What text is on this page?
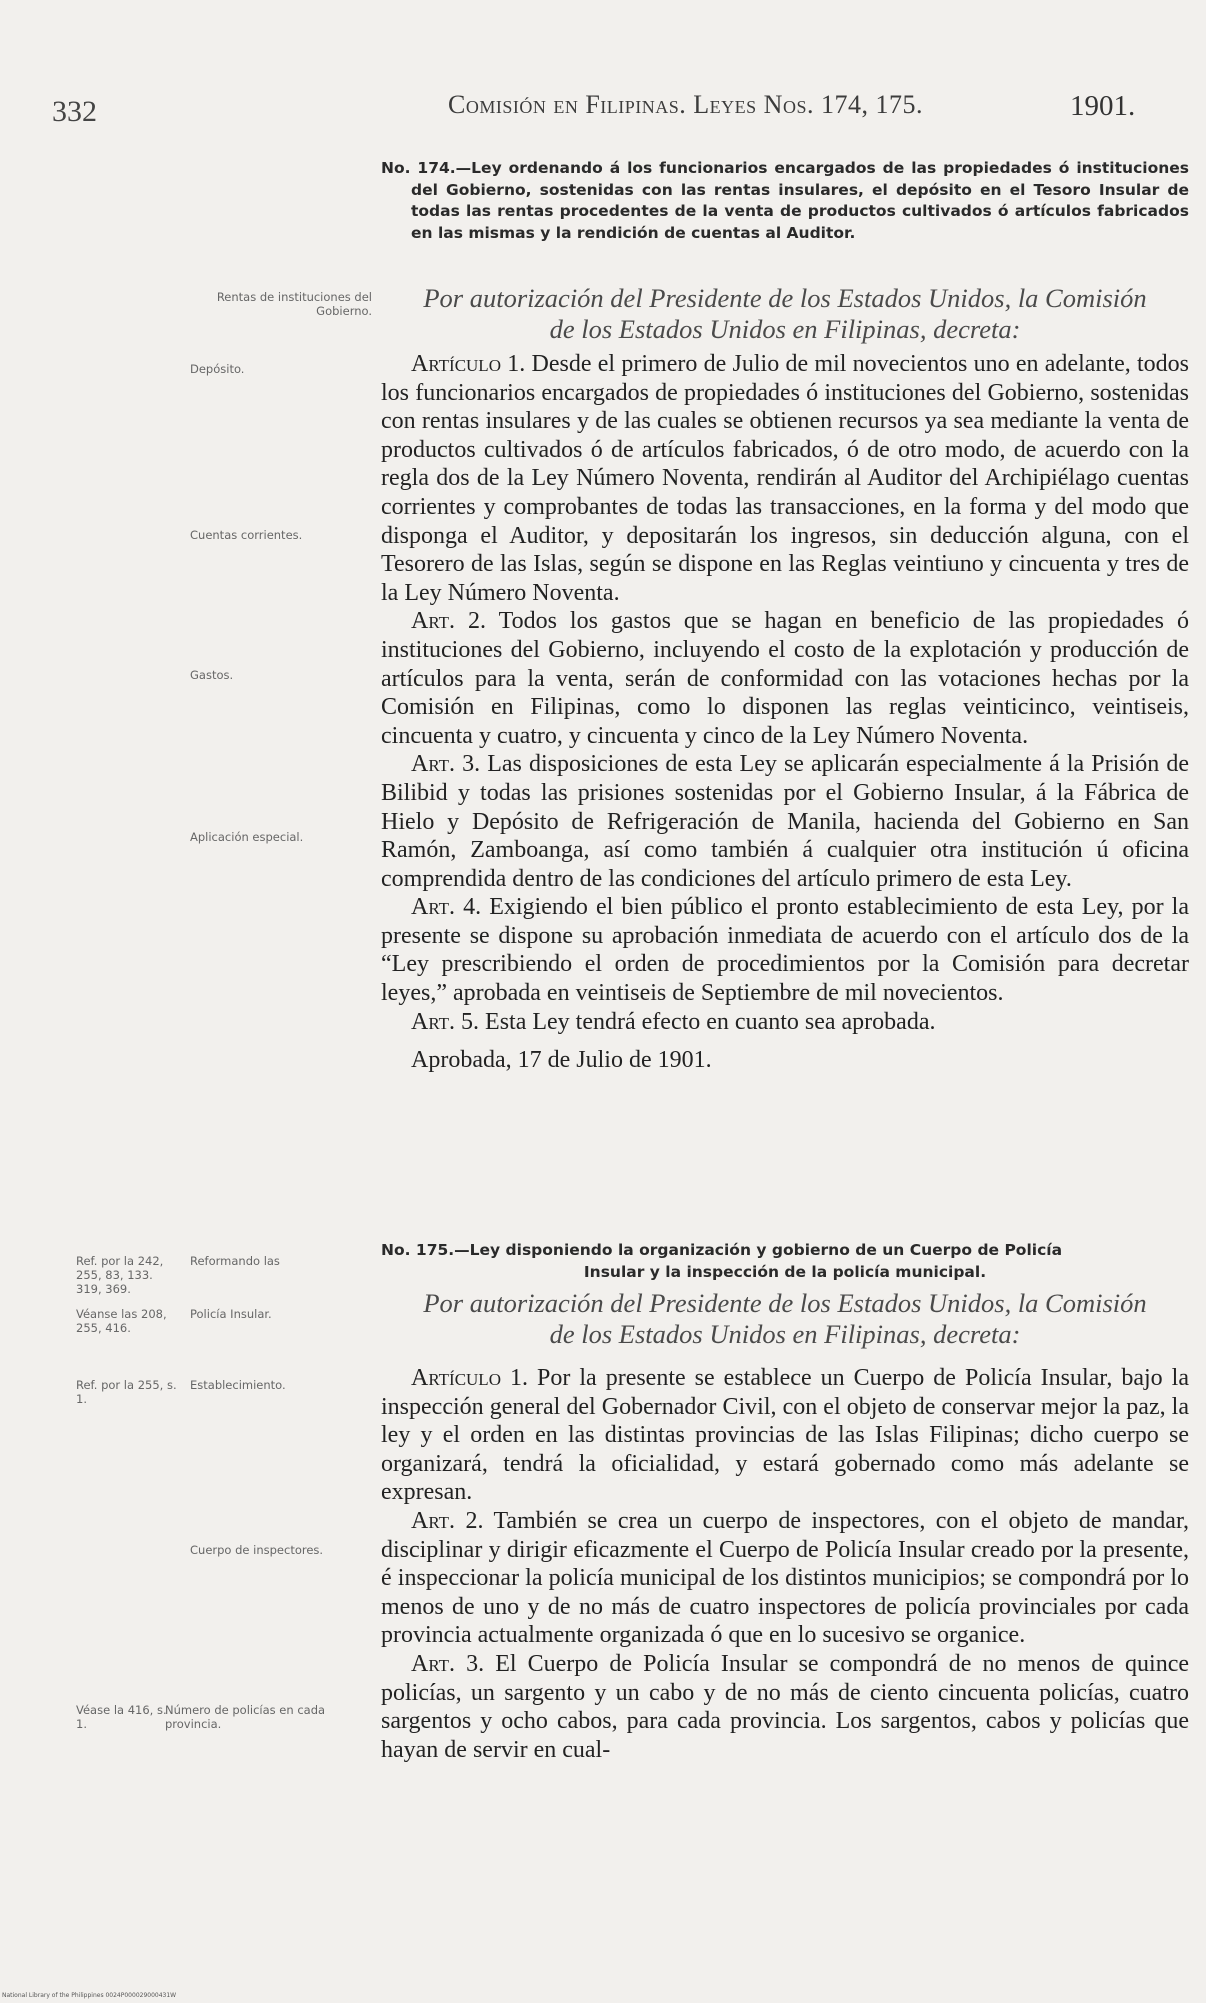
332	Comisión en Filipinas. Leyes Nos. 174, 175.	1901.
No. 174.—Ley ordenando á los funcionarios encargados de las propiedades ó instituciones del Gobierno, sostenidas con las rentas insulares, el depósito en el Tesoro Insular de todas las rentas procedentes de la venta de productos cultivados ó artículos fabricados en las mismas y la rendición de cuentas al Auditor.

Por autorización del Presidente de los Estados Unidos, la Comisión

de los Estados Unidos en Filipinas, decreta:

Artículo 1. Desde el primero de Julio de mil novecientos uno en adelante, todos los funcionarios encargados de propiedades ó instituciones del Gobierno, sostenidas con rentas insulares y de las cuales se obtienen recursos ya sea mediante la venta de productos cultivados ó de artículos fabricados, ó de otro modo, de acuerdo con la regla dos de la Ley Número Noventa, rendirán al Auditor del Archipiélago cuentas corrientes y comprobantes de todas las transacciones, en la forma y del modo que disponga el Auditor, y depositarán los ingresos, sin deducción alguna, con el Tesorero de las Islas, según se dispone en las Reglas veintiuno y cincuenta y tres de la Ley Número Noventa.

Art. 2. Todos los gastos que se hagan en beneficio de las propiedades ó instituciones del Gobierno, incluyendo el costo de la explotación y producción de artículos para la venta, serán de conformidad con las votaciones hechas por la Comisión en Filipinas, como lo disponen las reglas veinticinco, veintiseis, cincuenta y cuatro, y cincuenta y cinco de la Ley Número Noventa.

Art. 3. Las disposiciones de esta Ley se aplicarán especialmente á la Prisión de Bilibid y todas las prisiones sostenidas por el Gobierno Insular, á la Fábrica de Hielo y Depósito de Refrigeración de Manila, hacienda del Gobierno en San Ramón, Zamboanga, así como también á cualquier otra institución ú oficina comprendida dentro de las condiciones del artículo primero de esta Ley.

Art. 4. Exigiendo el bien público el pronto establecimiento de esta Ley, por la presente se dispone su aprobación inmediata de acuerdo con el artículo dos de la “Ley prescribiendo el orden de procedimientos por la Comisión para decretar leyes,” aprobada en veintiseis de Septiembre de mil novecientos.

Art. 5. Esta Ley tendrá efecto en cuanto sea aprobada.

Aprobada, 17 de Julio de 1901.

No. 175.—Ley disponiendo la organización y gobierno de un Cuerpo de Policía
Insular y la inspección de la policía municipal.

Por autorización del Presidente de los Estados Unidos, la Comisión

de los Estados Unidos en Filipinas, decreta:

Artículo 1. Por la presente se establece un Cuerpo de Policía Insular, bajo la inspección general del Gobernador Civil, con el objeto de conservar mejor la paz, la ley y el orden en las distintas provincias de las Islas Filipinas; dicho cuerpo se organizará, tendrá la oficialidad, y estará gobernado como más adelante se expresan.

Art. 2. También se crea un cuerpo de inspectores, con el objeto de mandar, disciplinar y dirigir eficazmente el Cuerpo de Policía Insular creado por la presente, é inspeccionar la policía municipal de los distintos municipios; se compondrá por lo menos de uno y de no más de cuatro inspectores de policía provinciales por cada provincia actualmente organizada ó que en lo sucesivo se organice.

Art. 3. El Cuerpo de Policía Insular se compondrá de no menos de quince policías, un sargento y un cabo y de no más de ciento cincuenta policías, cuatro sargentos y ocho cabos, para cada provincia. Los sargentos, cabos y policías que hayan de servir en cual-

Rentas de instituciones del Gobierno.
Depósito.
Cuentas corrientes.
Gastos.
Aplicación especial.
Ref. por la 242, 255, 83, 133. 319, 369.
Reformando las
Véanse las 208, 255, 416.
Policía Insular.
Ref. por la 255, s. 1.
Establecimiento.
Cuerpo de inspectores.
Véase la 416, s. 1.
Número de policías en cada provincia.
National Library of the Philippines 0024P000029000431W
